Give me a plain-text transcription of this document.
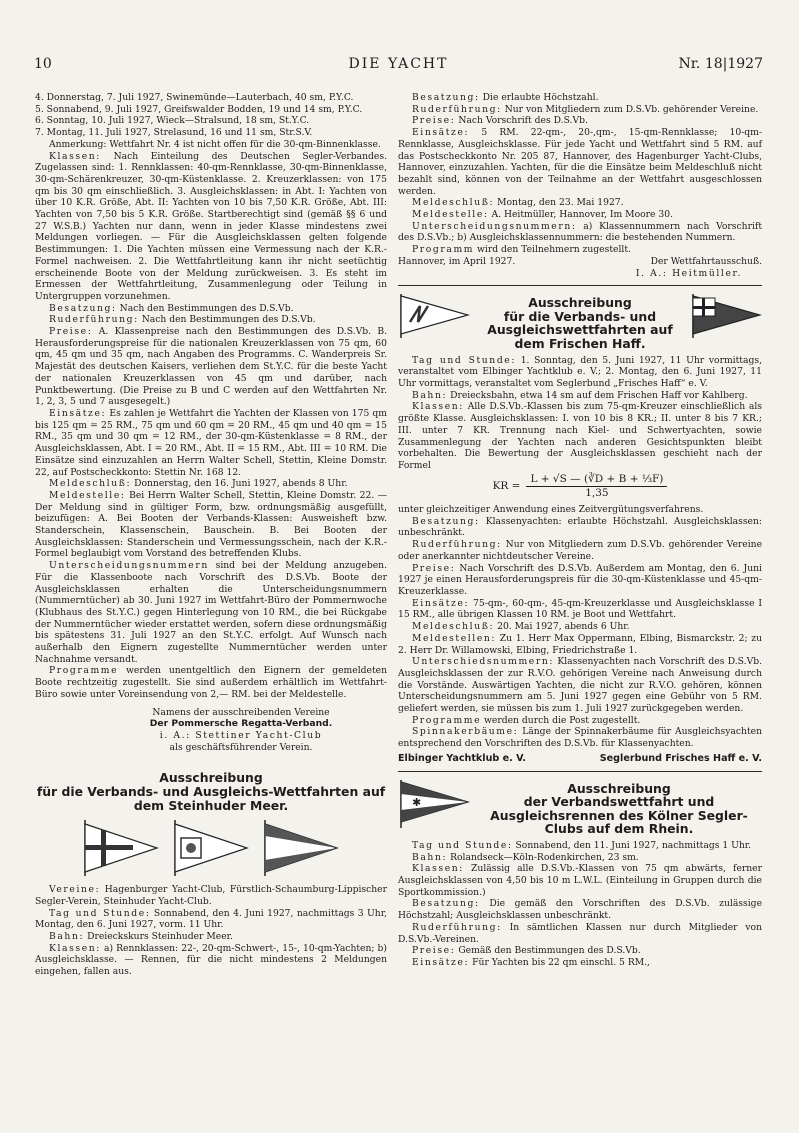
10	DIE YACHT	Nr. 18|1927

4. Donnerstag, 7. Juli 1927, Swinemünde—Lauterbach, 40 sm, P.Y.C.

5. Sonnabend, 9. Juli 1927, Greifswalder Bodden, 19 und 14 sm, P.Y.C.

6. Sonntag, 10. Juli 1927, Wieck—Stralsund, 18 sm, St.Y.C.

7. Montag, 11. Juli 1927, Strelasund, 16 und 11 sm, Str.S.V.

Anmerkung: Wettfahrt Nr. 4 ist nicht offen für die 30-qm-Binnenklasse.

Klassen: Nach Einteilung des Deutschen Segler-Verbandes. Zugelassen sind: 1. Rennklassen: 40-qm-Rennklasse, 30-qm-Binnenklasse, 30-qm-Schärenkreuzer, 30-qm-Küstenklasse. 2. Kreuzerklassen: von 175 qm bis 30 qm einschließlich. 3. Ausgleichsklassen: in Abt. I: Yachten von über 10 K.R. Größe, Abt. II: Yachten von 10 bis 7,50 K.R. Größe, Abt. III: Yachten von 7,50 bis 5 K.R. Größe. Startberechtigt sind (gemäß §§ 6 und 27 W.S.B.) Yachten nur dann, wenn in jeder Klasse mindestens zwei Meldungen vorliegen. — Für die Ausgleichsklassen gelten folgende Bestimmungen: 1. Die Yachten müssen eine Vermessung nach der K.R.-Formel nachweisen. 2. Die Wettfahrtleitung kann ihr nicht seetüchtig erscheinende Boote von der Meldung zurückweisen. 3. Es steht im Ermessen der Wettfahrtleitung, Zusammenlegung oder Teilung in Untergruppen vorzunehmen.

Besatzung: Nach den Bestimmungen des D.S.Vb.

Ruderführung: Nach den Bestimmungen des D.S.Vb.

Preise: A. Klassenpreise nach den Bestimmungen des D.S.Vb. B. Herausforderungspreise für die nationalen Kreuzerklassen von 75 qm, 60 qm, 45 qm und 35 qm, nach Angaben des Programms. C. Wanderpreis Sr. Majestät des deutschen Kaisers, verliehen dem St.Y.C. für die beste Yacht der nationalen Kreuzerklassen von 45 qm und darüber, nach Punktbewertung. (Die Preise zu B und C werden auf den Wettfahrten Nr. 1, 2, 3, 5 und 7 ausgesegelt.)

Einsätze: Es zahlen je Wettfahrt die Yachten der Klassen von 175 qm bis 125 qm = 25 RM., 75 qm und 60 qm = 20 RM., 45 qm und 40 qm = 15 RM., 35 qm und 30 qm = 12 RM., der 30-qm-Küstenklasse = 8 RM., der Ausgleichsklassen, Abt. I = 20 RM., Abt. II = 15 RM., Abt. III = 10 RM. Die Einsätze sind einzuzahlen an Herrn Walter Schell, Stettin, Kleine Domstr. 22, auf Postscheckkonto: Stettin Nr. 168 12.

Meldeschluß: Donnerstag, den 16. Juni 1927, abends 8 Uhr.

Meldestelle: Bei Herrn Walter Schell, Stettin, Kleine Domstr. 22. — Der Meldung sind in gültiger Form, bzw. ordnungsmäßig ausgefüllt, beizufügen: A. Bei Booten der Verbands-Klassen: Ausweisheft bzw. Standerschein, Klassenschein, Bauschein. B. Bei Booten der Ausgleichsklassen: Standerschein und Vermessungsschein, nach der K.R.-Formel beglaubigt vom Vorstand des betreffenden Klubs.

Unterscheidungsnummern sind bei der Meldung anzugeben. Für die Klassenboote nach Vorschrift des D.S.Vb. Boote der Ausgleichsklassen erhalten die Unterscheidungsnummern (Nummerntücher) ab 30. Juni 1927 im Wettfahrt-Büro der Pommernwoche (Klubhaus des St.Y.C.) gegen Hinterlegung von 10 RM., die bei Rückgabe der Nummerntücher wieder erstattet werden, sofern diese ordnungsmäßig bis spätestens 31. Juli 1927 an den St.Y.C. erfolgt. Auf Wunsch nach außerhalb den Eignern zugestellte Nummerntücher werden unter Nachnahme versandt.

Programme werden unentgeltlich den Eignern der gemeldeten Boote rechtzeitig zugestellt. Sie sind außerdem erhältlich im Wettfahrt-Büro sowie unter Voreinsendung von 2,— RM. bei der Meldestelle.

Namens der ausschreibenden Vereine
Der Pommersche Regatta-Verband.
i. A.: Stettiner Yacht-Club
als geschäftsführender Verein.
Ausschreibung
für die Verbands- und Ausgleichs-Wettfahrten auf dem Steinhuder Meer.

Vereine: Hagenburger Yacht-Club, Fürstlich-Schaumburg-Lippischer Segler-Verein, Steinhuder Yacht-Club.

Tag und Stunde: Sonnabend, den 4. Juni 1927, nachmittags 3 Uhr, Montag, den 6. Juni 1927, vorm. 11 Uhr.

Bahn: Dreieckskurs Steinhuder Meer.

Klassen: a) Rennklassen: 22-, 20-qm-Schwert-, 15-, 10-qm-Yachten; b) Ausgleichsklasse. — Rennen, für die nicht mindestens 2 Meldungen eingehen, fallen aus.

Besatzung: Die erlaubte Höchstzahl.

Ruderführung: Nur von Mitgliedern zum D.S.Vb. gehörender Vereine.

Preise: Nach Vorschrift des D.S.Vb.

Einsätze: 5 RM. 22-qm-, 20-,qm-, 15-qm-Rennklasse; 10-qm-Rennklasse, Ausgleichsklasse. Für jede Yacht und Wettfahrt sind 5 RM. auf das Postscheckkonto Nr. 205 87, Hannover, des Hagenburger Yacht-Clubs, Hannover, einzuzahlen. Yachten, für die die Einsätze beim Meldeschluß nicht bezahlt sind, können von der Teilnahme an der Wettfahrt ausgeschlossen werden.

Meldeschluß: Montag, den 23. Mai 1927.

Meldestelle: A. Heitmüller, Hannover, Im Moore 30.

Unterscheidungsnummern: a) Klassennummern nach Vorschrift des D.S.Vb.; b) Ausgleichsklassennummern: die bestehenden Nummern.

Programm wird den Teilnehmern zugestellt.

Hannover, im April 1927.	Der Wettfahrtausschuß.
I. A.: Heitmüller.
Ausschreibung
für die Verbands- und Ausgleichswettfahrten auf dem Frischen Haff.

Tag und Stunde: 1. Sonntag, den 5. Juni 1927, 11 Uhr vormittags, veranstaltet vom Elbinger Yachtklub e. V.; 2. Montag, den 6. Juni 1927, 11 Uhr vormittags, veranstaltet vom Seglerbund „Frisches Haff“ e. V.

Bahn: Dreiecksbahn, etwa 14 sm auf dem Frischen Haff vor Kahlberg.

Klassen: Alle D.S.Vb.-Klassen bis zum 75-qm-Kreuzer einschließlich als größte Klasse. Ausgleichsklassen: I. von 10 bis 8 KR.; II. unter 8 bis 7 KR.; III. unter 7 KR. Trennung nach Kiel- und Schwertyachten, sowie Zusammenlegung der Yachten nach anderen Gesichtspunkten bleibt vorbehalten. Die Bewertung der Ausgleichsklassen geschieht nach der Formel

KR = $\frac{\text{L + √S — (∛D + B + ⅓F)}}{1,35}$

unter gleichzeitiger Anwendung eines Zeitvergütungsverfahrens.

Besatzung: Klassenyachten: erlaubte Höchstzahl. Ausgleichsklassen: unbeschränkt.

Ruderführung: Nur von Mitgliedern zum D.S.Vb. gehörender Vereine oder anerkannter nichtdeutscher Vereine.

Preise: Nach Vorschrift des D.S.Vb. Außerdem am Montag, den 6. Juni 1927 je einen Herausforderungspreis für die 30-qm-Küstenklasse und 45-qm-Kreuzerklasse.

Einsätze: 75-qm-, 60-qm-, 45-qm-Kreuzerklasse und Ausgleichsklasse I 15 RM., alle übrigen Klassen 10 RM. je Boot und Wettfahrt.

Meldeschluß: 20. Mai 1927, abends 6 Uhr.

Meldestellen: Zu 1. Herr Max Oppermann, Elbing, Bismarckstr. 2; zu 2. Herr Dr. Willamowski, Elbing, Friedrichstraße 1.

Unterschiedsnummern: Klassenyachten nach Vorschrift des D.S.Vb. Ausgleichsklassen der zur R.V.O. gehörigen Vereine nach Anweisung durch die Vorstände. Auswärtigen Yachten, die nicht zur R.V.O. gehören, können Unterscheidungsnummern am 5. Juni 1927 gegen eine Gebühr von 5 RM. geliefert werden, sie müssen bis zum 1. Juli 1927 zurückgegeben werden.

Programme werden durch die Post zugestellt.

Spinnakerbäume: Länge der Spinnakerbäume für Ausgleichsyachten entsprechend den Vorschriften des D.S.Vb. für Klassenyachten.

Elbinger Yachtklub e. V.	Seglerbund Frisches Haff e. V.
✱
Ausschreibung
der Verbandswettfahrt und Ausgleichsrennen des Kölner Segler-Clubs auf dem Rhein.

Tag und Stunde: Sonnabend, den 11. Juni 1927, nachmittags 1 Uhr.

Bahn: Rolandseck—Köln-Rodenkirchen, 23 sm.

Klassen: Zulässig alle D.S.Vb.-Klassen von 75 qm abwärts, ferner Ausgleichsklassen von 4,50 bis 10 m L.W.L. (Einteilung in Gruppen durch die Sportkommission.)

Besatzung: Die gemäß den Vorschriften des D.S.Vb. zulässige Höchstzahl; Ausgleichsklassen unbeschränkt.

Ruderführung: In sämtlichen Klassen nur durch Mitglieder von D.S.Vb.-Vereinen.

Preise: Gemäß den Bestimmungen des D.S.Vb.

Einsätze: Für Yachten bis 22 qm einschl. 5 RM.,
